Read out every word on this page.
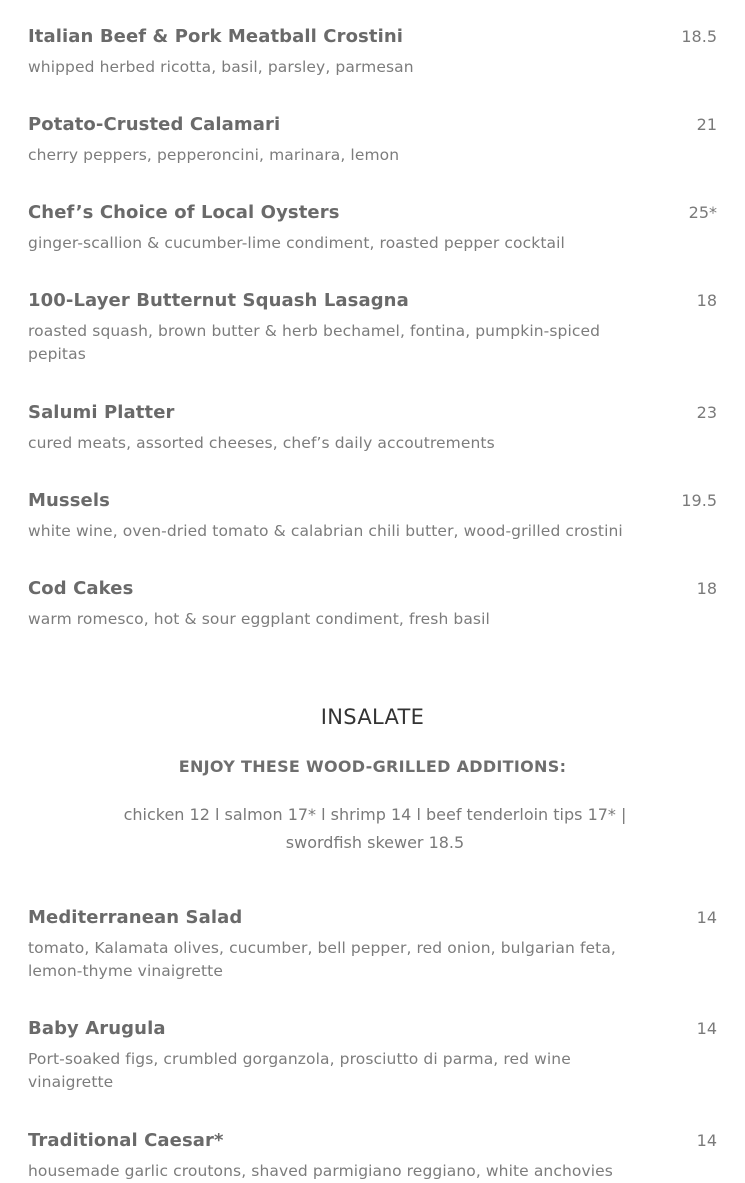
Italian Beef & Pork Meatball Crostini	18.5
whipped herbed ricotta, basil, parsley, parmesan
Potato-Crusted Calamari	21
cherry peppers, pepperoncini, marinara, lemon
Chef’s Choice of Local Oysters	25*
ginger-scallion & cucumber-lime condiment, roasted pepper cocktail
100-Layer Butternut Squash Lasagna	18
roasted squash, brown butter & herb bechamel, fontina, pumpkin-spiced pepitas
Salumi Platter	23
cured meats, assorted cheeses, chef’s daily accoutrements
Mussels	19.5
white wine, oven-dried tomato & calabrian chili butter, wood-grilled crostini
Cod Cakes	18
warm romesco, hot & sour eggplant condiment, fresh basil
INSALATE
ENJOY THESE WOOD-GRILLED ADDITIONS:
chicken 12 l salmon 17* l shrimp 14 l beef tenderloin tips 17* | swordfish skewer 18.5
Mediterranean Salad	14
tomato, Kalamata olives, cucumber, bell pepper, red onion, bulgarian feta, lemon-thyme vinaigrette
Baby Arugula	14
Port-soaked figs, crumbled gorganzola, prosciutto di parma, red wine vinaigrette
Traditional Caesar*	14
housemade garlic croutons, shaved parmigiano reggiano, white anchovies
